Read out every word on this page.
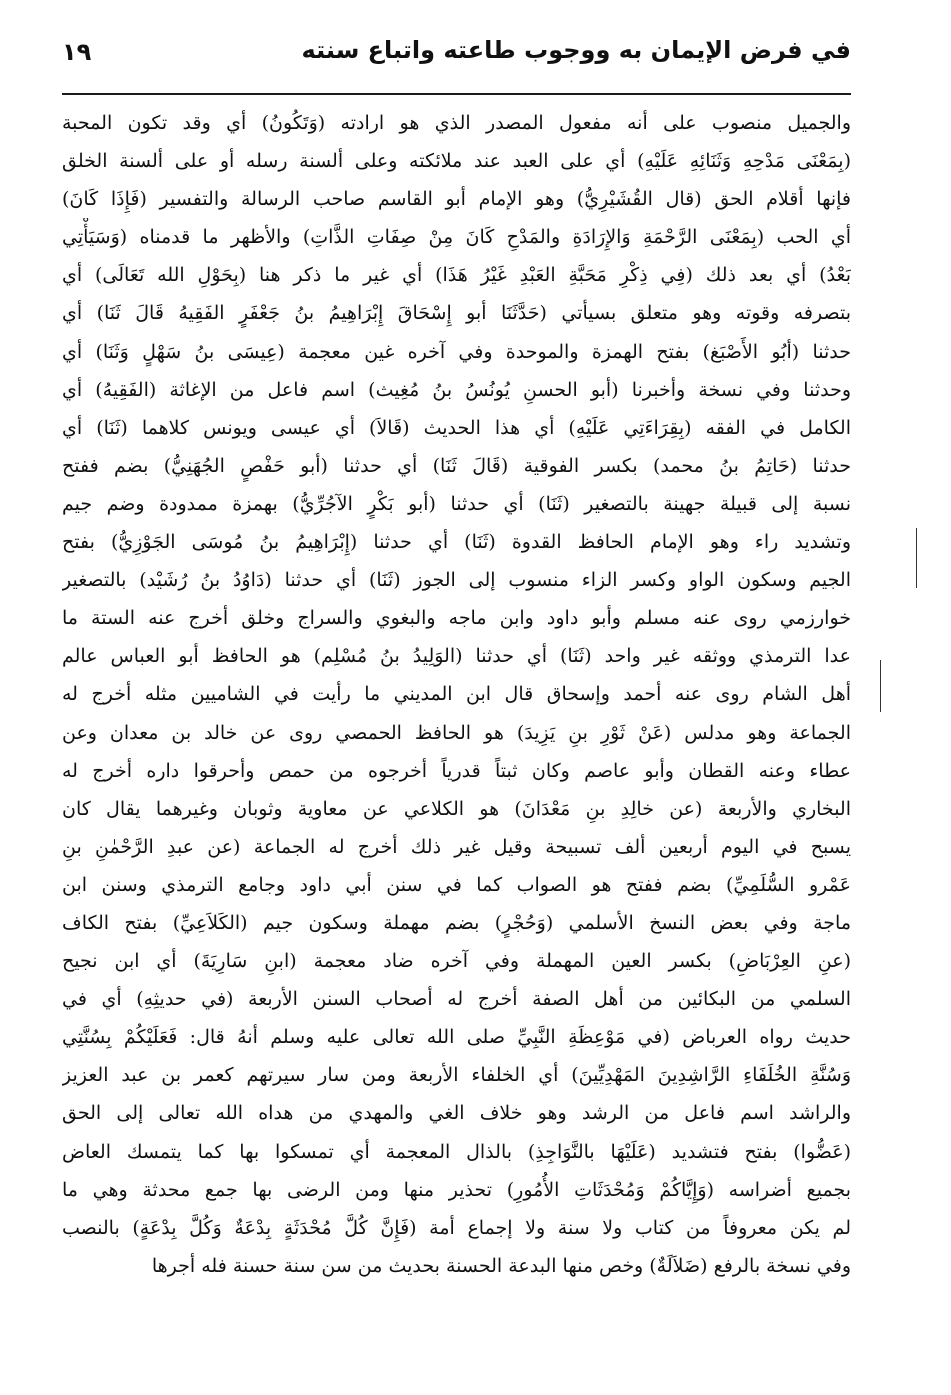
في فرض الإيمان به ووجوب طاعته واتباع سنته
١٩
والجميل منصوب على أنه مفعول المصدر الذي هو ارادته (وَتَكُونُ) أي وقد تكون المحبة
(بِمَعْنَى مَدْحِهِ وَثَنَائِهِ عَلَيْهِ) أي على العبد عند ملائكته وعلى ألسنة رسله أو على ألسنة الخلق
فإنها أقلام الحق (قال القُشَيْرِيُّ) وهو الإمام أبو القاسم صاحب الرسالة والتفسير (فَإِذَا كَانَ)
أي الحب (بِمَعْنَى الرَّحْمَةِ وَالإِرَادَةِ والمَدْحِ كَانَ مِنْ صِفَاتِ الذَّاتِ) والأظهر ما قدمناه (وَسَيَأْتِي
بَعْدُ) أي بعد ذلك (فِي ذِكْرِ مَحَبَّةِ العَبْدِ غَيْرُ هَذَا) أي غير ما ذكر هنا (بِحَوْلِ الله تَعَالَى) أي
بتصرفه وقوته وهو متعلق بسيأتي (حَدَّثَنَا أبو إِسْحَاقَ إِبْرَاهِيمُ بنُ جَعْفَرٍ الفَقِيهُ قَالَ ثَنَا) أي
حدثنا (أبُو الأَصْبَغ) بفتح الهمزة والموحدة وفي آخره غين معجمة (عِيسَى بنُ سَهْلٍ وَثَنَا) أي
وحدثنا وفي نسخة وأخبرنا (أبو الحسنِ يُونُسُ بنُ مُغِيث) اسم فاعل من الإغاثة (الفَقِيهُ) أي
الكامل في الفقه (بِقِرَاءَتِي عَلَيْهِ) أي هذا الحديث (قَالاَ) أي عيسى ويونس كلاهما (ثَنَا) أي
حدثنا (حَاتِمُ بنُ محمد) بكسر الفوقية (قَالَ ثَنَا) أي حدثنا (أبو حَفْصٍ الجُهَنِيُّ) بضم ففتح
نسبة إلى قبيلة جهينة بالتصغير (ثَنَا) أي حدثنا (أبو بَكْرٍ الآجُرِّيُّ) بهمزة ممدودة وضم جيم
وتشديد راء وهو الإمام الحافظ القدوة (ثَنَا) أي حدثنا (إِبْرَاهِيمُ بنُ مُوسَى الجَوْزِيُّ) بفتح
الجيم وسكون الواو وكسر الزاء منسوب إلى الجوز (ثَنَا) أي حدثنا (دَاوُدُ بنُ رُشَيْد) بالتصغير
خوارزمي روى عنه مسلم وأبو داود وابن ماجه والبغوي والسراج وخلق أخرج عنه الستة ما
عدا الترمذي ووثقه غير واحد (ثَنَا) أي حدثنا (الوَلِيدُ بنُ مُسْلِم) هو الحافظ أبو العباس عالم
أهل الشام روى عنه أحمد وإسحاق قال ابن المديني ما رأيت في الشاميين مثله أخرج له
الجماعة وهو مدلس (عَنْ ثَوْرِ بنِ يَزِيدَ) هو الحافظ الحمصي روى عن خالد بن معدان وعن
عطاء وعنه القطان وأبو عاصم وكان ثبتاً قدرياً أخرجوه من حمص وأحرقوا داره أخرج له
البخاري والأربعة (عن خالِدِ بنِ مَعْدَانَ) هو الكلاعي عن معاوية وثوبان وغيرهما يقال كان
يسبح في اليوم أربعين ألف تسبيحة وقيل غير ذلك أخرج له الجماعة (عن عبدِ الرَّحْمٰنِ بنِ
عَمْرو السُّلَمِيِّ) بضم ففتح هو الصواب كما في سنن أبي داود وجامع الترمذي وسنن ابن
ماجة وفي بعض النسخ الأسلمي (وَحُجْرٍ) بضم مهملة وسكون جيم (الكَلاَعِيِّ) بفتح الكاف
(عنِ العِرْبَاضِ) بكسر العين المهملة وفي آخره ضاد معجمة (ابنِ سَارِيَةَ) أي ابن نجيح
السلمي من البكائين من أهل الصفة أخرج له أصحاب السنن الأربعة (في حديثِهِ) أي في
حديث رواه العرباض (في مَوْعِظَةِ النَّبِيِّ صلى الله تعالى عليه وسلم أنهُ قال: فَعَلَيْكُمْ بِسُنَّتِي
وَسُنَّةِ الخُلَفَاءِ الرَّاشِدِينَ المَهْدِيِّينَ) أي الخلفاء الأربعة ومن سار سيرتهم كعمر بن عبد العزيز
والراشد اسم فاعل من الرشد وهو خلاف الغي والمهدي من هداه الله تعالى إلى الحق
(عَضُّوا) بفتح فتشديد (عَلَيْهَا بالنَّوَاجِذِ) بالذال المعجمة أي تمسكوا بها كما يتمسك العاض
بجميع أضراسه (وَإِيَّاكُمْ وَمُحْدَثَاتِ الأُمُورِ) تحذير منها ومن الرضى بها جمع محدثة وهي ما
لم يكن معروفاً من كتاب ولا سنة ولا إجماع أمة (فَإِنَّ كُلَّ مُحْدَثَةٍ بِدْعَةٌ وَكُلَّ بِدْعَةٍ) بالنصب
وفي نسخة بالرفع (ضَلاَلَةٌ) وخص منها البدعة الحسنة بحديث من سن سنة حسنة فله أجرها
